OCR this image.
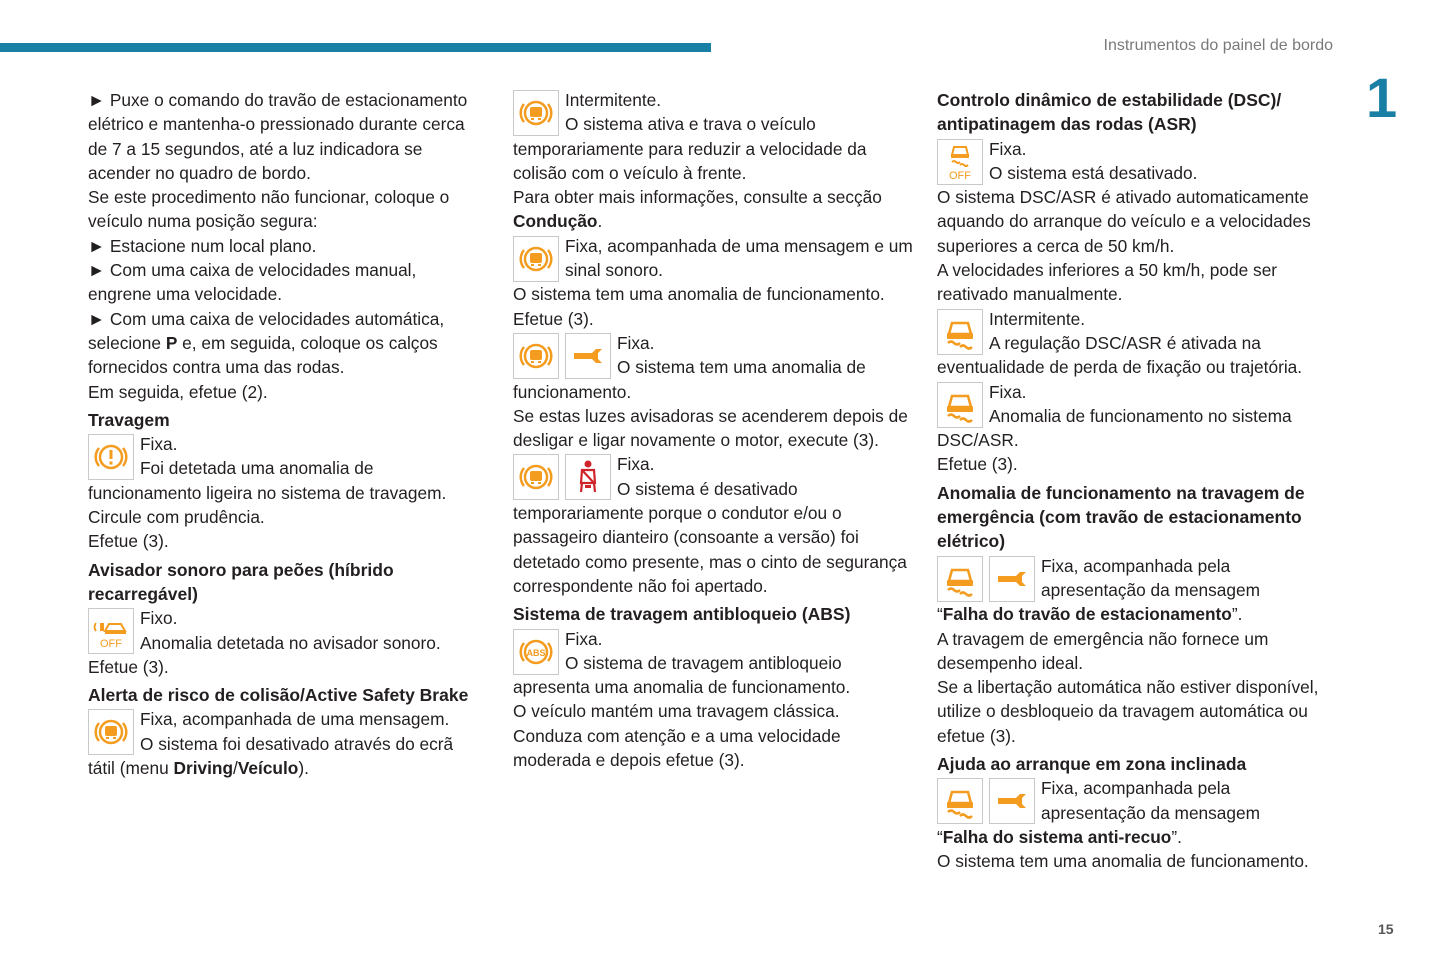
Instrumentos do painel de bordo
1
15

► Puxe o comando do travão de estacionamento elétrico e mantenha-o pressionado durante cerca de 7 a 15 segundos, até a luz indicadora se acender no quadro de bordo.

Se este procedimento não funcionar, coloque o veículo numa posição segura:

► Estacione num local plano.

► Com uma caixa de velocidades manual, engrene uma velocidade.

► Com uma caixa de velocidades automática, selecione P e, em seguida, coloque os calços fornecidos contra uma das rodas.

Em seguida, efetue (2).

Travagem

Fixa.

Foi detetada uma anomalia de funcionamento ligeira no sistema de travagem.

Circule com prudência.

Efetue (3).

Avisador sonoro para peões (híbrido recarregável)
OFF

Fixo.

Anomalia detetada no avisador sonoro.

Efetue (3).

Alerta de risco de colisão/Active Safety Brake

Fixa, acompanhada de uma mensagem.

O sistema foi desativado através do ecrã tátil (menu Driving/Veículo).

Intermitente.

O sistema ativa e trava o veículo temporariamente para reduzir a velocidade da colisão com o veículo à frente.

Para obter mais informações, consulte a secção Condução.

Fixa, acompanhada de uma mensagem e um sinal sonoro.

O sistema tem uma anomalia de funcionamento.

Efetue (3).

Fixa.

O sistema tem uma anomalia de funcionamento.

Se estas luzes avisadoras se acenderem depois de desligar e ligar novamente o motor, execute (3).

Fixa.

O sistema é desativado temporariamente porque o condutor e/ou o passageiro dianteiro (consoante a versão) foi detetado como presente, mas o cinto de segurança correspondente não foi apertado.

Sistema de travagem antibloqueio (ABS)
ABS

Fixa.

O sistema de travagem antibloqueio apresenta uma anomalia de funcionamento.

O veículo mantém uma travagem clássica.

Conduza com atenção e a uma velocidade moderada e depois efetue (3).

Controlo dinâmico de estabilidade (DSC)/ antipatinagem das rodas (ASR)
OFF

Fixa.

O sistema está desativado.

O sistema DSC/ASR é ativado automaticamente aquando do arranque do veículo e a velocidades superiores a cerca de 50 km/h.

A velocidades inferiores a 50 km/h, pode ser reativado manualmente.

Intermitente.

A regulação DSC/ASR é ativada na eventualidade de perda de fixação ou trajetória.

Fixa.

Anomalia de funcionamento no sistema DSC/ASR.

Efetue (3).

Anomalia de funcionamento na travagem de emergência (com travão de estacionamento elétrico)

Fixa, acompanhada pela apresentação da mensagem

“Falha do travão de estacionamento”.

A travagem de emergência não fornece um desempenho ideal.

Se a libertação automática não estiver disponível, utilize o desbloqueio da travagem automática ou efetue (3).

Ajuda ao arranque em zona inclinada

Fixa, acompanhada pela apresentação da mensagem

“Falha do sistema anti-recuo”.

O sistema tem uma anomalia de funcionamento.
